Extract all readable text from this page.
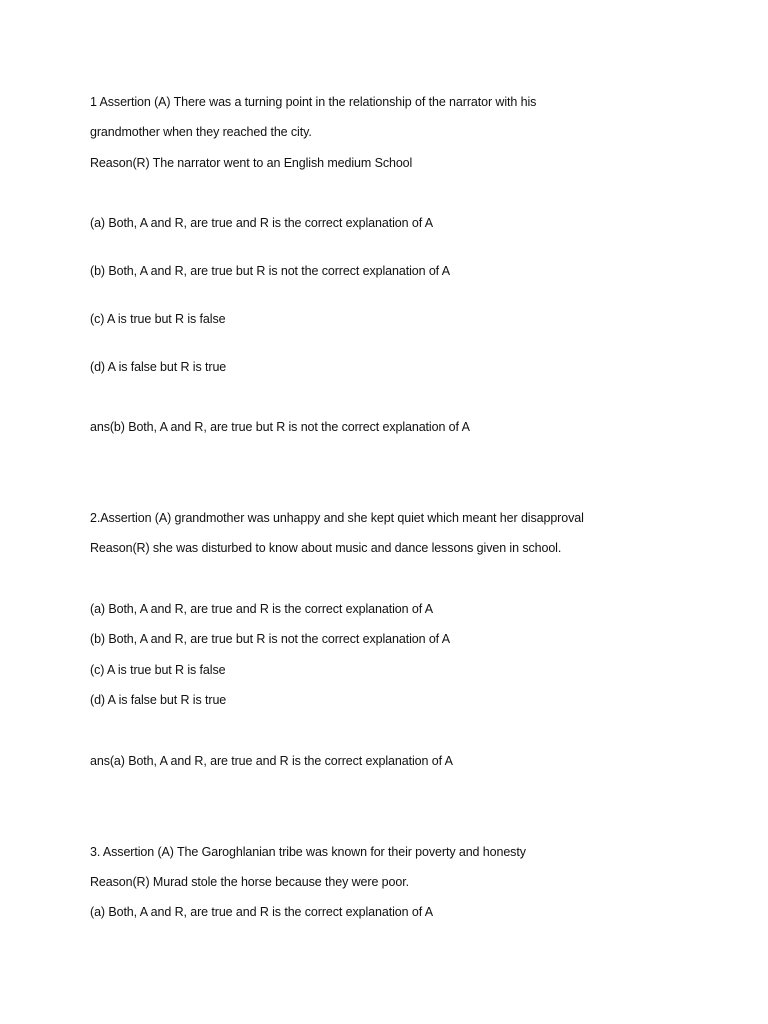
1 Assertion (A) There was a turning point in the relationship of the narrator with his
grandmother when they reached the city.
Reason(R) The narrator went to an English medium School
(a) Both, A and R, are true and R is the correct explanation of A
(b) Both, A and R, are true but R is not the correct explanation of A
(c) A is true but R is false
(d) A is false but R is true
ans(b) Both, A and R, are true but R is not the correct explanation of A
2.Assertion (A) grandmother was unhappy and she kept quiet which meant her disapproval
Reason(R) she was disturbed to know about music and dance lessons given in school.
(a) Both, A and R, are true and R is the correct explanation of A
(b) Both, A and R, are true but R is not the correct explanation of A
(c) A is true but R is false
(d) A is false but R is true
ans(a) Both, A and R, are true and R is the correct explanation of A
3. Assertion (A) The Garoghlanian tribe was known for their poverty and honesty
Reason(R) Murad stole the horse because they were poor.
(a) Both, A and R, are true and R is the correct explanation of A
